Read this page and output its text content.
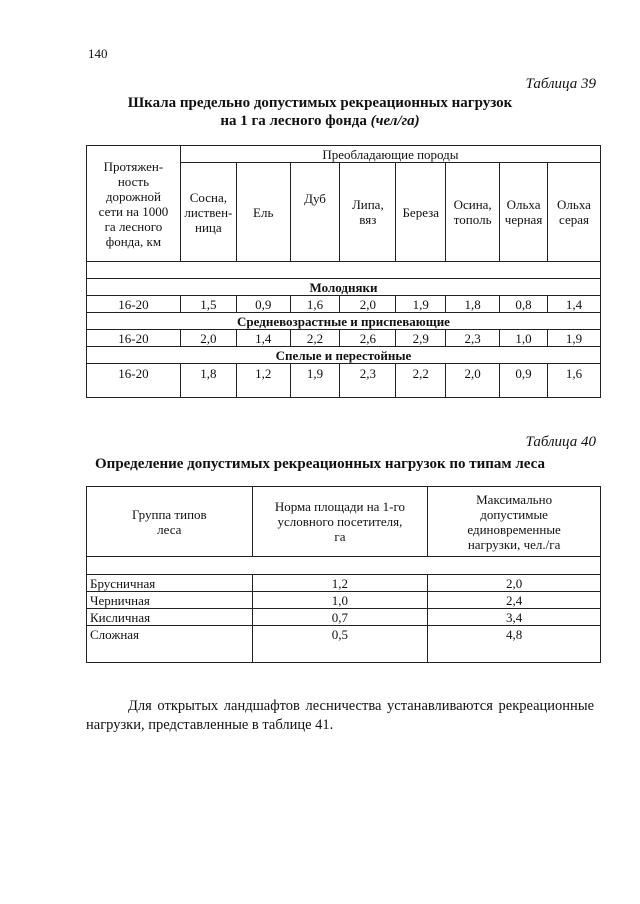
140
Таблица 39
Шкала предельно допустимых рекреационных нагрузок
на 1 га лесного фонда (чел/га)
Протяжен-ность дорожной сети на 1000 га лесного фонда, км	Преобладающие породы							
	Сосна, листвен-ница	Ель	Дуб	Липа, вяз	Береза	Осина, тополь	Ольха черная	Ольха серая

Молодняки								
16-20	1,5	0,9	1,6	2,0	1,9	1,8	0,8	1,4
Средневозрастные и приспевающие								
16-20	2,0	1,4	2,2	2,6	2,9	2,3	1,0	1,9
Спелые и перестойные								
16-20	1,8	1,2	1,9	2,3	2,2	2,0	0,9	1,6
Таблица 40
Определение допустимых рекреационных нагрузок по типам леса
Группа типов леса	Норма площади на 1-го условного посетителя, га	Максимально допустимые единовременные нагрузки, чел./га

Брусничная	1,2	2,0
Черничная	1,0	2,4
Кисличная	0,7	3,4
Сложная	0,5	4,8
Для открытых ландшафтов лесничества устанавливаются рекреационные нагрузки, представленные в таблице 41.
